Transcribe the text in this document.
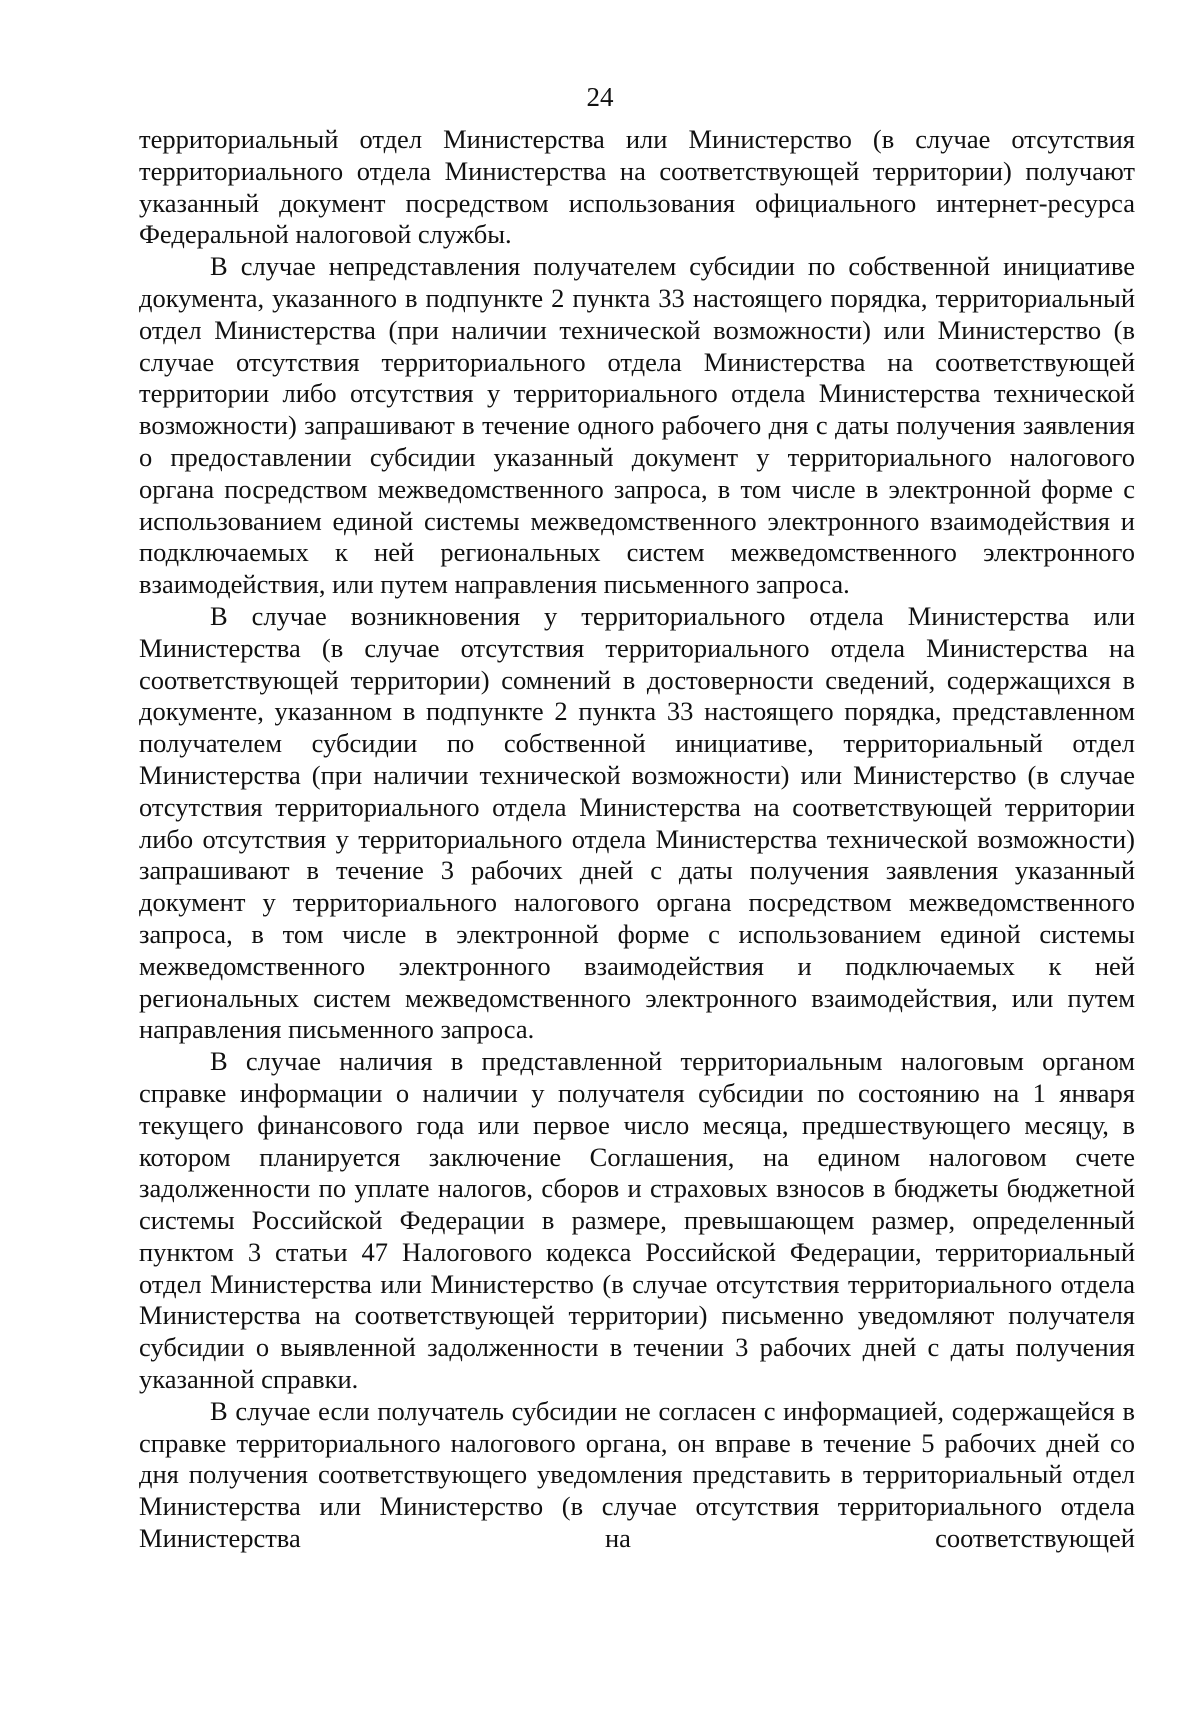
24

территориальный отдел Министерства или Министерство (в случае отсутствия территориального отдела Министерства на соответствующей территории) получают указанный документ посредством использования официального интернет-ресурса Федеральной налоговой службы.

В случае непредставления получателем субсидии по собственной инициативе документа, указанного в подпункте 2 пункта 33 настоящего порядка, территориальный отдел Министерства (при наличии технической возможности) или Министерство (в случае отсутствия территориального отдела Министерства на соответствующей территории либо отсутствия у территориального отдела Министерства технической возможности) запрашивают в течение одного рабочего дня с даты получения заявления о предоставлении субсидии указанный документ у территориального налогового органа посредством межведомственного запроса, в том числе в электронной форме с использованием единой системы межведомственного электронного взаимодействия и подключаемых к ней региональных систем межведомственного электронного взаимодействия, или путем направления письменного запроса.

В случае возникновения у территориального отдела Министерства или Министерства (в случае отсутствия территориального отдела Министерства на соответствующей территории) сомнений в достоверности сведений, содержащихся в документе, указанном в подпункте 2 пункта 33 настоящего порядка, представленном получателем субсидии по собственной инициативе, территориальный отдел Министерства (при наличии технической возможности) или Министерство (в случае отсутствия территориального отдела Министерства на соответствующей территории либо отсутствия у территориального отдела Министерства технической возможности) запрашивают в течение 3 рабочих дней с даты получения заявления указанный документ у территориального налогового органа посредством межведомственного запроса, в том числе в электронной форме с использованием единой системы межведомственного электронного взаимодействия и подключаемых к ней региональных систем межведомственного электронного взаимодействия, или путем направления письменного запроса.

В случае наличия в представленной территориальным налоговым органом справке информации о наличии у получателя субсидии по состоянию на 1 января текущего финансового года или первое число месяца, предшествующего месяцу, в котором планируется заключение Соглашения, на едином налоговом счете задолженности по уплате налогов, сборов и страховых взносов в бюджеты бюджетной системы Российской Федерации в размере, превышающем размер, определенный пунктом 3 статьи 47 Налогового кодекса Российской Федерации, территориальный отдел Министерства или Министерство (в случае отсутствия территориального отдела Министерства на соответствующей территории) письменно уведомляют получателя субсидии о выявленной задолженности в течении 3 рабочих дней с даты получения указанной справки.

В случае если получатель субсидии не согласен с информацией, содержащейся в справке территориального налогового органа, он вправе в течение 5 рабочих дней со дня получения соответствующего уведомления представить в территориальный отдел Министерства или Министерство (в случае отсутствия территориального отдела Министерства на соответствующей
